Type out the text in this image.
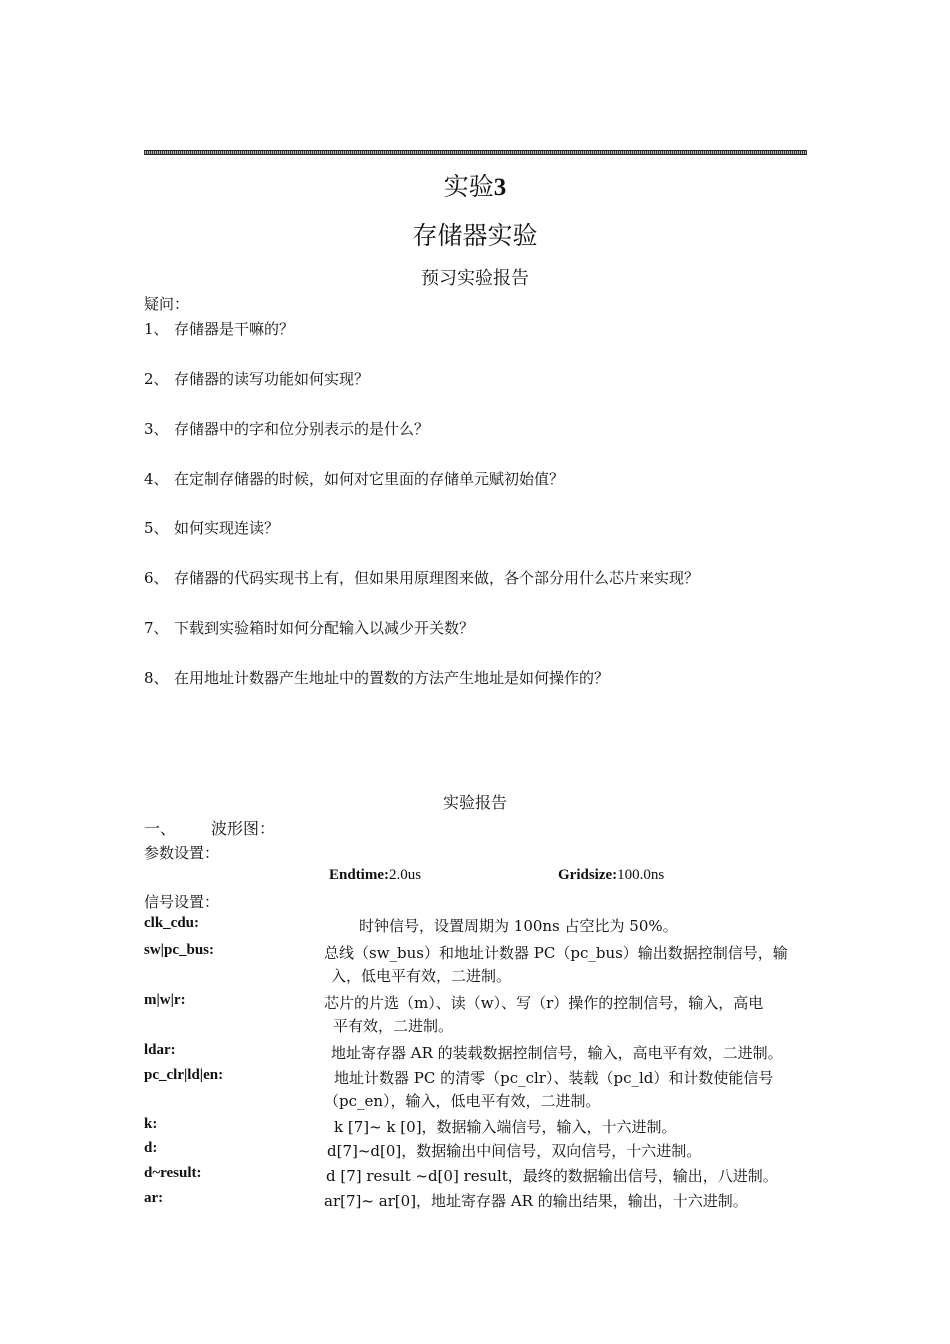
实验3
存储器实验
预习实验报告
疑问：
1、 存储器是干嘛的？
2、 存储器的读写功能如何实现？
3、 存储器中的字和位分别表示的是什么？
4、 在定制存储器的时候，如何对它里面的存储单元赋初始值？
5、 如何实现连读？
6、 存储器的代码实现书上有，但如果用原理图来做，各个部分用什么芯片来实现？
7、 下载到实验箱时如何分配输入以减少开关数？
8、 在用地址计数器产生地址中的置数的方法产生地址是如何操作的？
实验报告
一、 波形图：
参数设置：
Endtime:2.0us	Gridsize:100.0ns
信号设置：
clk_cdu:	时钟信号，设置周期为 100ns 占空比为 50%。
sw|pc_bus:	总线（sw_bus）和地址计数器 PC（pc_bus）输出数据控制信号，输
入，低电平有效，二进制。
m|w|r:	芯片的片选（m）、读（w）、写（r）操作的控制信号，输入，高电
平有效，二进制。
ldar:	地址寄存器 AR 的装载数据控制信号，输入，高电平有效，二进制。
pc_clr|ld|en:	地址计数器 PC 的清零（pc_clr）、装载（pc_ld）和计数使能信号
（pc_en），输入，低电平有效，二进制。
k:	k [7]~ k [0]，数据输入端信号，输入，十六进制。
d:	d[7]~d[0]，数据输出中间信号，双向信号，十六进制。
d~result:	d [7] result ~d[0] result，最终的数据输出信号，输出，八进制。
ar:	ar[7]~ ar[0]，地址寄存器 AR 的输出结果，输出，十六进制。
